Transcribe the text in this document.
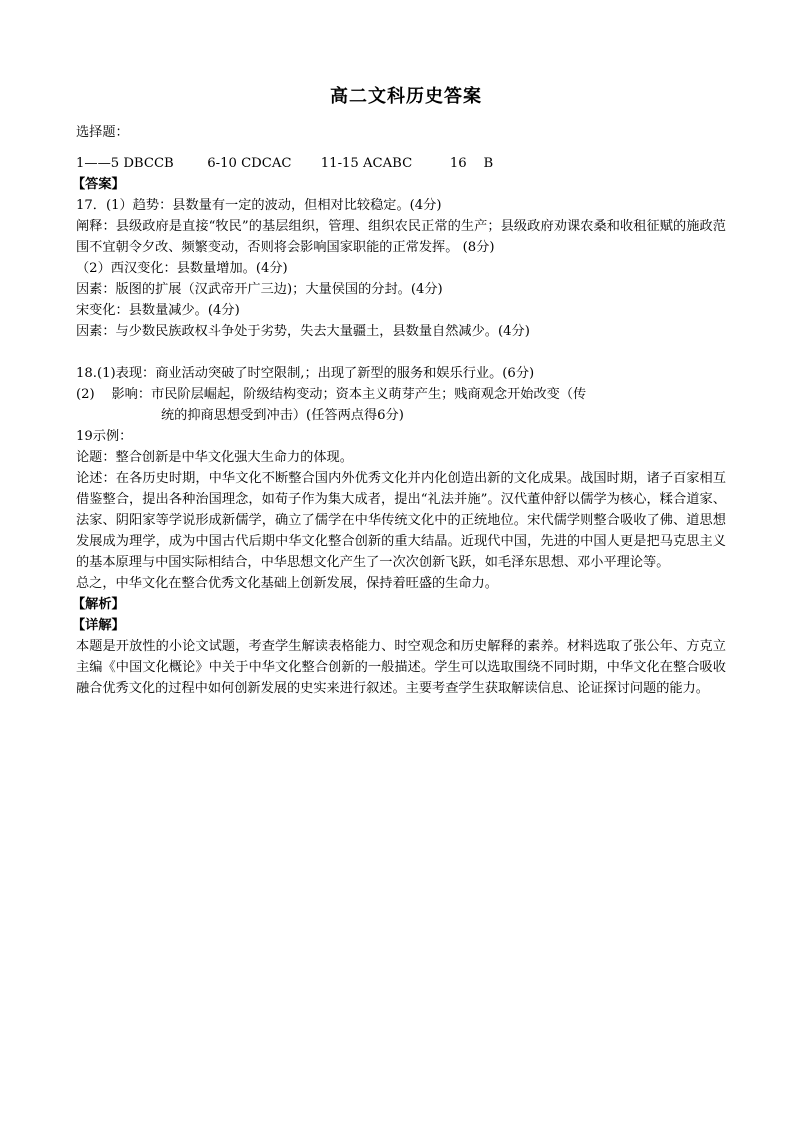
高二文科历史答案

选择题：

1——5 DBCCB        6-10 CDCAC       11-15 ACABC         16    B

【答案】

17．(1）趋势：县数量有一定的波动，但相对比较稳定。(4分)

阐释：县级政府是直接“牧民”的基层组织，管理、组织农民正常的生产；县级政府劝课农桑和收租征赋的施政范围不宜朝令夕改、频繁变动，否则将会影响国家职能的正常发挥。 (8分)

（2）西汉变化：县数量增加。(4分)

因素：版图的扩展（汉武帝开广三边)；大量侯国的分封。(4分)

宋变化：县数量减少。(4分)

因素：与少数民族政权斗争处于劣势，失去大量疆土，县数量自然减少。(4分)

18.(1)表现：商业活动突破了时空限制,；出现了新型的服务和娱乐行业。(6分)

(2)    影响：市民阶层崛起，阶级结构变动；资本主义萌芽产生；贱商观念开始改变（传

统的抑商思想受到冲击）(任答两点得6分)

19示例：

论题：整合创新是中华文化强大生命力的体现。

论述：在各历史时期，中华文化不断整合国内外优秀文化并内化创造出新的文化成果。战国时期，诸子百家相互借鉴整合，提出各种治国理念，如荀子作为集大成者，提出“礼法并施”。汉代董仲舒以儒学为核心，糅合道家、法家、阴阳家等学说形成新儒学，确立了儒学在中华传统文化中的正统地位。宋代儒学则整合吸收了佛、道思想发展成为理学，成为中国古代后期中华文化整合创新的重大结晶。近现代中国，先进的中国人更是把马克思主义的基本原理与中国实际相结合，中华思想文化产生了一次次创新飞跃，如毛泽东思想、邓小平理论等。

总之，中华文化在整合优秀文化基础上创新发展，保持着旺盛的生命力。

【解析】

【详解】

本题是开放性的小论文试题，考查学生解读表格能力、时空观念和历史解释的素养。材料选取了张公年、方克立主编《中国文化概论》中关于中华文化整合创新的一般描述。学生可以选取围绕不同时期，中华文化在整合吸收融合优秀文化的过程中如何创新发展的史实来进行叙述。主要考查学生获取解读信息、论证探讨问题的能力。
